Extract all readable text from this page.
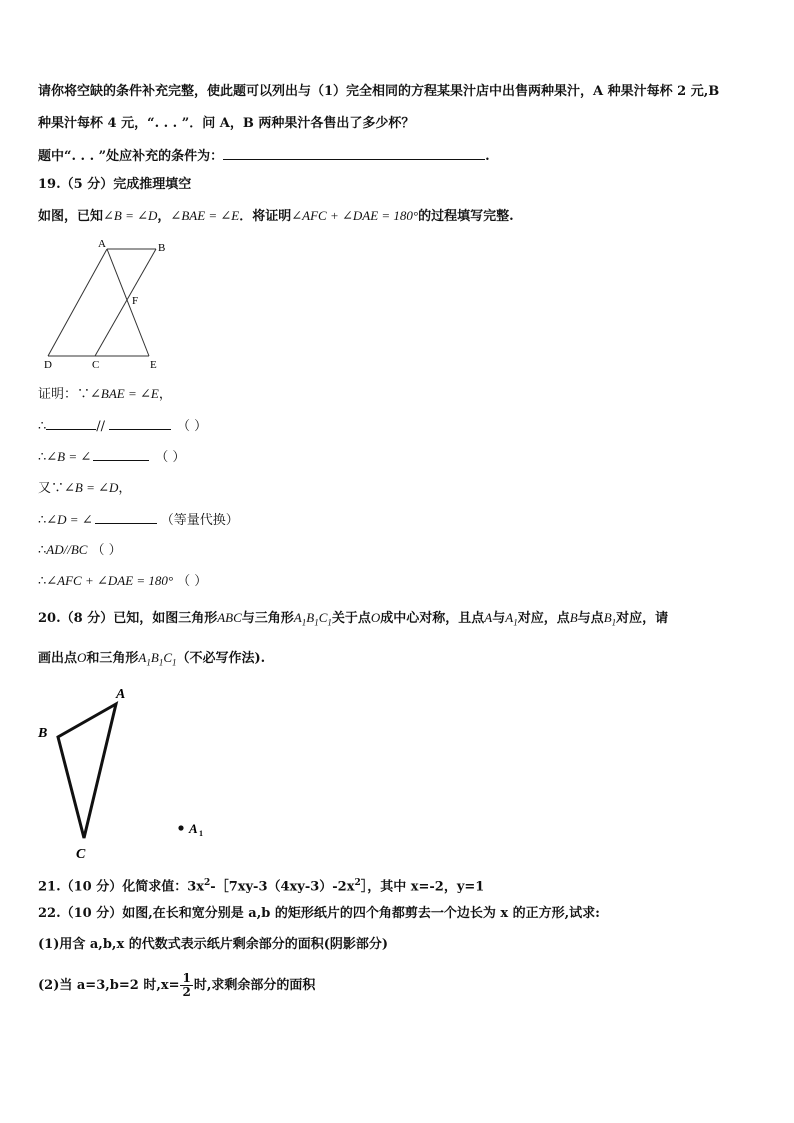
请你将空缺的条件补充完整，使此题可以列出与（1）完全相同的方程某果汁店中出售两种果汁，A 种果汁每杯 2 元,B
种果汁每杯 4 元，“. . . ”．问 A，B 两种果汁各售出了多少杯？
题中“. . . ”处应补充的条件为：	.
19.（5 分）完成推理填空
如图，已知∠B = ∠D，∠BAE = ∠E．将证明∠AFC + ∠DAE = 180°的过程填写完整.
A	B
F
D	C	E
证明：∵∠BAE = ∠E，
∴	//	（ ）
∴∠B = ∠	（ ）
又∵∠B = ∠D，
∴∠D = ∠	（等量代换）
∴AD//BC （ ）
∴∠AFC + ∠DAE = 180° （ ）
20.（8 分）已知，如图三角形ABC与三角形$A_1B_1C_1$关于点O成中心对称，且点A与$A_1$对应，点B与点$B_1$对应，请
画出点O和三角形$A_1B_1C_1$（不必写作法).
A
B
C
A 1
21.（10 分）化简求值：$3x^2-[7xy-3(4xy-3)-2x^2]$，其中 x=-2，y=1
22.（10 分）如图,在长和宽分别是 a,b 的矩形纸片的四个角都剪去一个边长为 x 的正方形,试求:
(1)用含 a,b,x 的代数式表示纸片剩余部分的面积(阴影部分)
(2)当 a=3,b=2 时$,x= \frac{1}{2}$ 时,求剩余部分的面积
